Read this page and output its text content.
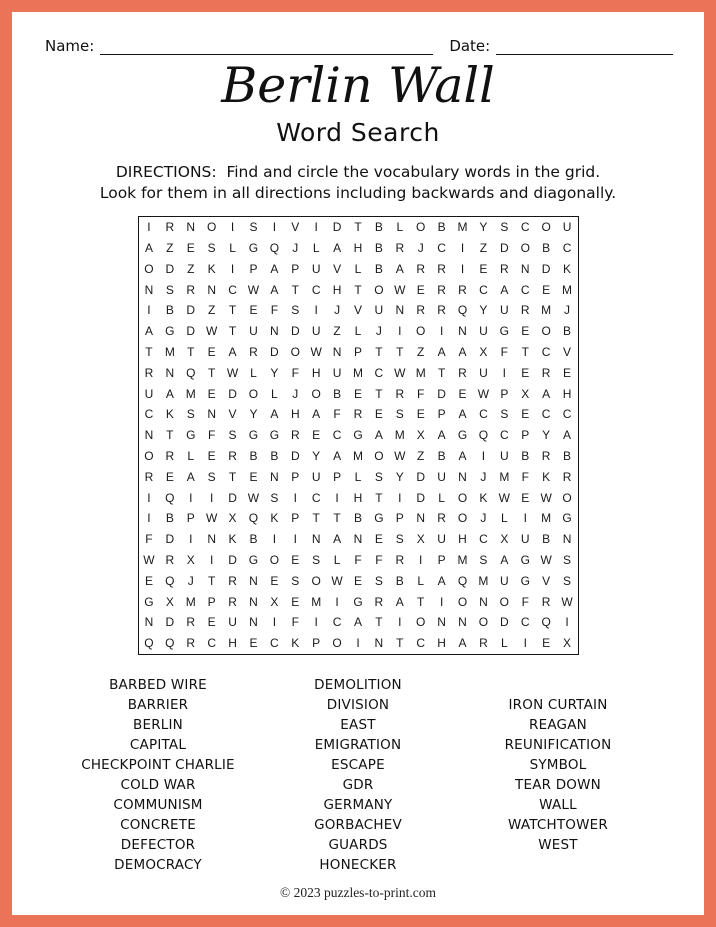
Name:	Date:
Berlin Wall
Word Search
DIRECTIONS:  Find and circle the vocabulary words in the grid.
Look for them in all directions including backwards and diagonally.
I	R	N O	I	S	I	V	I	D	T	B	L	O	B M Y	S	C O U
A	Z	E	S	L	G Q	J	L	A	H	B	R	J	C	I	Z	D O	B	C
O D	Z	K	I	P	A	P	U	V	L	B	A	R	R	I	E	R	N	D	K
N	S	R	N	C W A	T	C	H	T	O W E	R	R	C	A	C	E M
I	B	D	Z	T	E	F	S	I	J	V	U	N	R	R Q	Y	U	R M	J
A	G D W T	U	N	D	U	Z	L	J	I	O	I	N	U G	E	O	B
T	M	T	E	A	R	D O W N	P	T	T	Z	A	A	X	F	T	C	V
R	N Q	T W L	Y	F	H	U M C W M	T	R	U	I	E	R	E
U	A M E	D O	L	J	O	B	E	T	R	F	D	E W P	X	A	H
C	K	S	N	V	Y	A	H	A	F	R	E	S	E	P	A	C	S	E	C	C
N	T	G	F	S	G G R	E	C G	A M X	A	G Q C	P	Y	A
O R	L	E	R	B	B	D	Y	A M O W Z	B	A	I	U	B	R	B
R	E	A	S	T	E	N	P	U	P	L	S	Y	D	U	N	J	M	F	K	R
I	Q	I	I	D W S	I	C	I	H	T	I	D	L	O	K W E W O
I	B	P W X	Q	K	P	T	T	B	G	P	N	R O	J	L	I	M G
F	D	I	N	K	B	I	I	N	A	N	E	S	X	U	H	C	X	U	B	N
W R	X	I	D G O	E	S	L	F	F	R	I	P M S	A	G W S
E	Q	J	T	R	N	E	S	O W E	S	B	L	A	Q M U G	V	S
G	X M P	R	N	X	E M	I	G R	A	T	I	O N O	F	R W
N	D	R	E	U	N	I	F	I	C	A	T	I	O N	N O D	C Q	I
Q Q R	C	H	E	C	K	P	O	I	N	T	C	H	A	R	L	I	E	X
BARBED WIRE
BARRIER
BERLIN
CAPITAL
CHECKPOINT CHARLIE
COLD WAR
COMMUNISM
CONCRETE
DEFECTOR
DEMOCRACY
DEMOLITION
DIVISION
EAST
EMIGRATION
ESCAPE
GDR
GERMANY
GORBACHEV
GUARDS
HONECKER
IRON CURTAIN
REAGAN
REUNIFICATION
SYMBOL
TEAR DOWN
WALL
WATCHTOWER
WEST
© 2023 puzzles-to-print.com
